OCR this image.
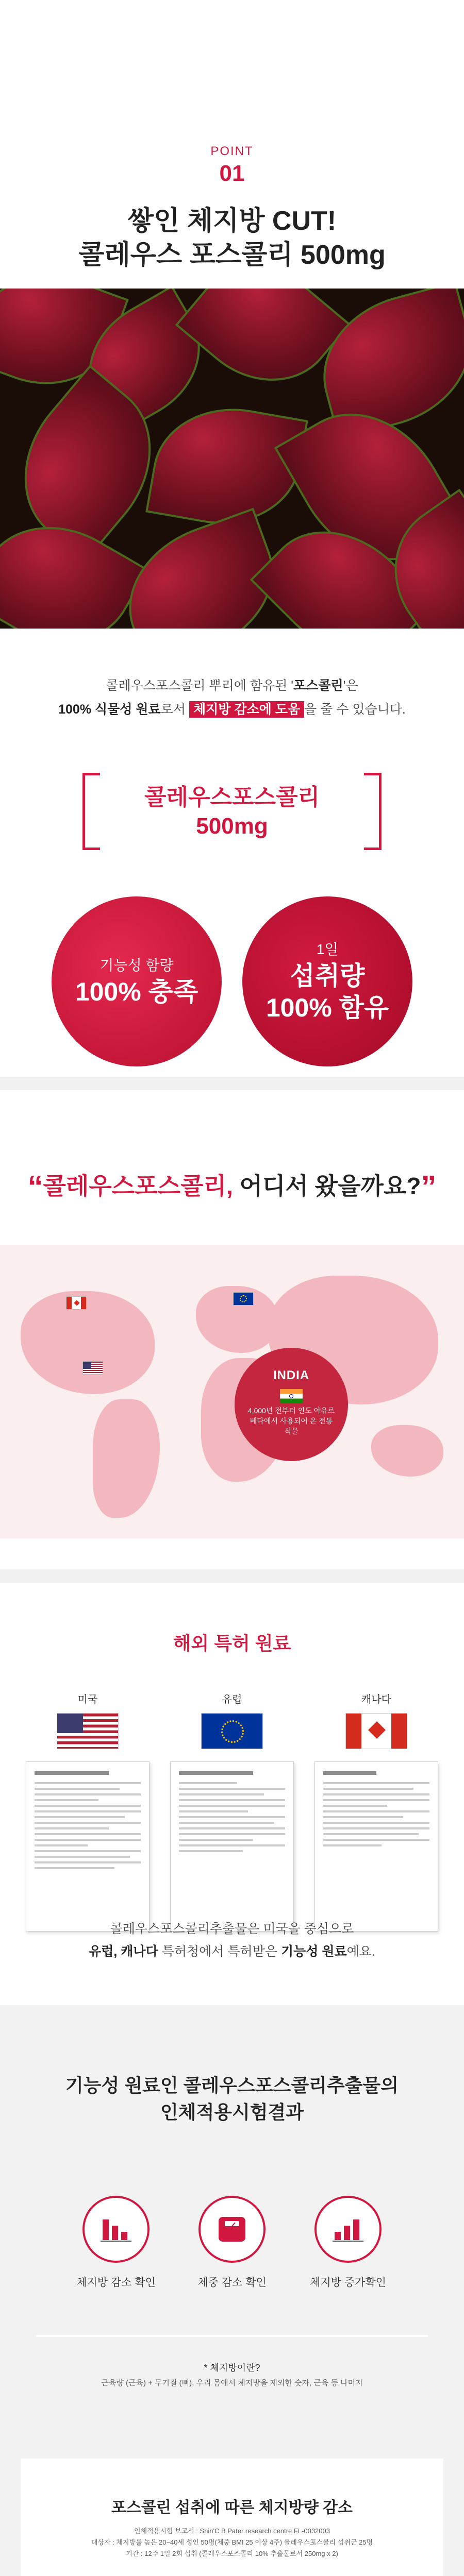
POINT
01
쌓인 체지방 CUT!
콜레우스 포스콜리 500mg
콜레우스포스콜리 뿌리에 함유된 '포스콜린'은
100% 식물성 원료로서 체지방 감소에 도움 을 줄 수 있습니다.
콜레우스포스콜리
500mg
기능성 함량
100% 충족
1일
섭취량
100% 함유
“콜레우스포스콜리, 어디서 왔을까요?”
INDIA
4,000년 전부터 인도 아유르베다에서 사용되어 온 전통 식물
해외 특허 원료
미국	유럽	캐나다
콜레우스포스콜리추출물은 미국을 중심으로
유럽, 캐나다 특허청에서 특허받은 기능성 원료예요.
기능성 원료인 콜레우스포스콜리추출물의
인체적용시험결과
체지방 감소 확인	체중 감소 확인	체지방 증가확인
* 체지방이란?
근육량 (근육) + 무기질 (뼈), 우리 몸에서 체지방을 제외한 숫자, 근육 등 나머지
포스콜린 섭취에 따른 체지방량 감소
인체적용시험 보고서 : Shin'C B Pater research centre FL-0032003
대상자 : 체지방률 높은 20~40세 성인 50명(체중 BMI 25 이상 4주) 콜레우스포스콜리 섭취군 25명
기간 : 12주 1일 2회 섭취 (콜레우스포스콜리 10% 추출물로서 250mg x 2)
